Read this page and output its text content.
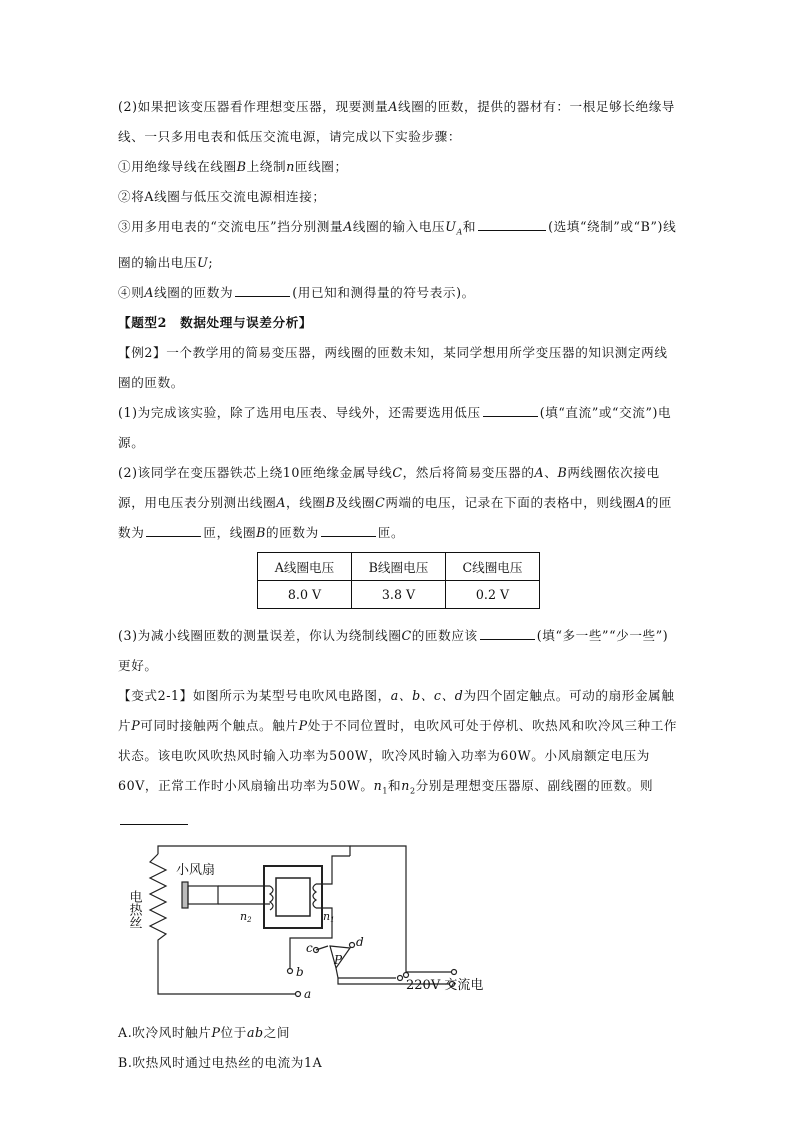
(2)如果把该变压器看作理想变压器，现要测量A线圈的匝数，提供的器材有：一根足够长绝缘导线、一只多用电表和低压交流电源，请完成以下实验步骤：

①用绝缘导线在线圈B上绕制n匝线圈；

②将A线圈与低压交流电源相连接；

③用多用电表的“交流电压”挡分别测量A线圈的输入电压$U_A$和	(选填“绕制”或“B”)线圈的输出电压U;

④则A线圈的匝数为	(用已知和测得量的符号表示)。

【题型2　数据处理与误差分析】

【例2】一个教学用的简易变压器，两线圈的匝数未知，某同学想用所学变压器的知识测定两线圈的匝数。

(1)为完成该实验，除了选用电压表、导线外，还需要选用低压	(填“直流”或“交流”)电源。

(2)该同学在变压器铁芯上绕10匝绝缘金属导线C，然后将简易变压器的A、B两线圈依次接电源，用电压表分别测出线圈A，线圈B及线圈C两端的电压，记录在下面的表格中，则线圈A的匝数为	匝，线圈B的匝数为	匝。

A线圈电压	B线圈电压	C线圈电压
8.0 V	3.8 V	0.2 V

(3)为减小线圈匝数的测量误差，你认为绕制线圈C的匝数应该	(填“多一些”“少一些”)更好。

【变式2-1】如图所示为某型号电吹风电路图，a、b、c、d为四个固定触点。可动的扇形金属触片P可同时接触两个触点。触片P处于不同位置时，电吹风可处于停机、吹热风和吹冷风三种工作状态。该电吹风吹热风时输入功率为500W，吹冷风时输入功率为60W。小风扇额定电压为60V，正常工作时小风扇输出功率为50W。$n_1$和$n_2$分别是理想变压器原、副线圈的匝数。则

电热丝
小风扇
n2	n1
c	d
b
a
P
220V 交流电

A.吹冷风时触片P位于ab之间

B.吹热风时通过电热丝的电流为1A
